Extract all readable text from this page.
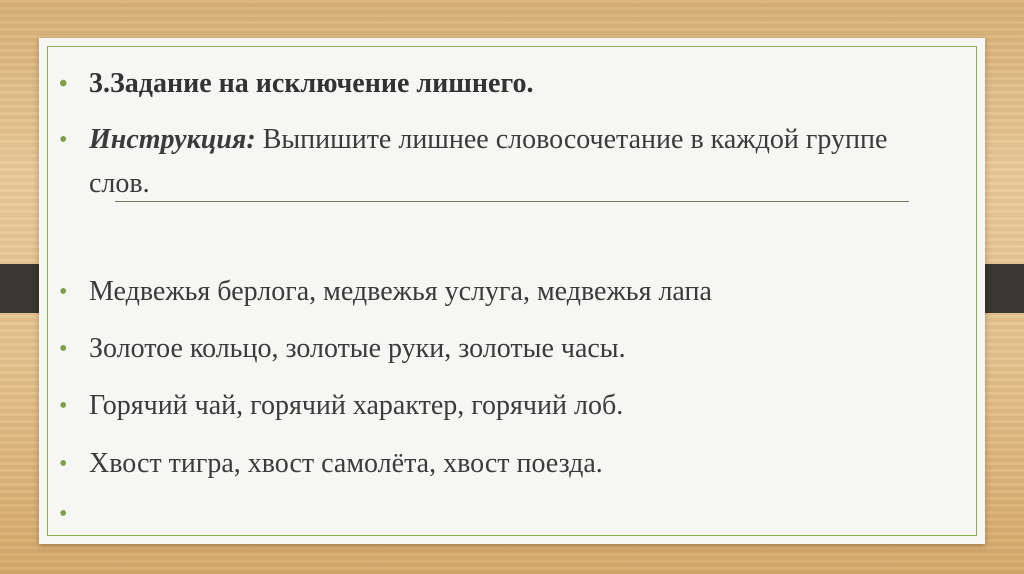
• 3.Задание на исключение лишнего.
• Инструкция: Выпишите лишнее словосочетание в каждой группе слов.
• Медвежья берлога, медвежья услуга, медвежья лапа
• Золотое кольцо, золотые руки, золотые часы.
• Горячий чай, горячий характер, горячий лоб.
• Хвост тигра, хвост самолёта, хвост поезда.
•
